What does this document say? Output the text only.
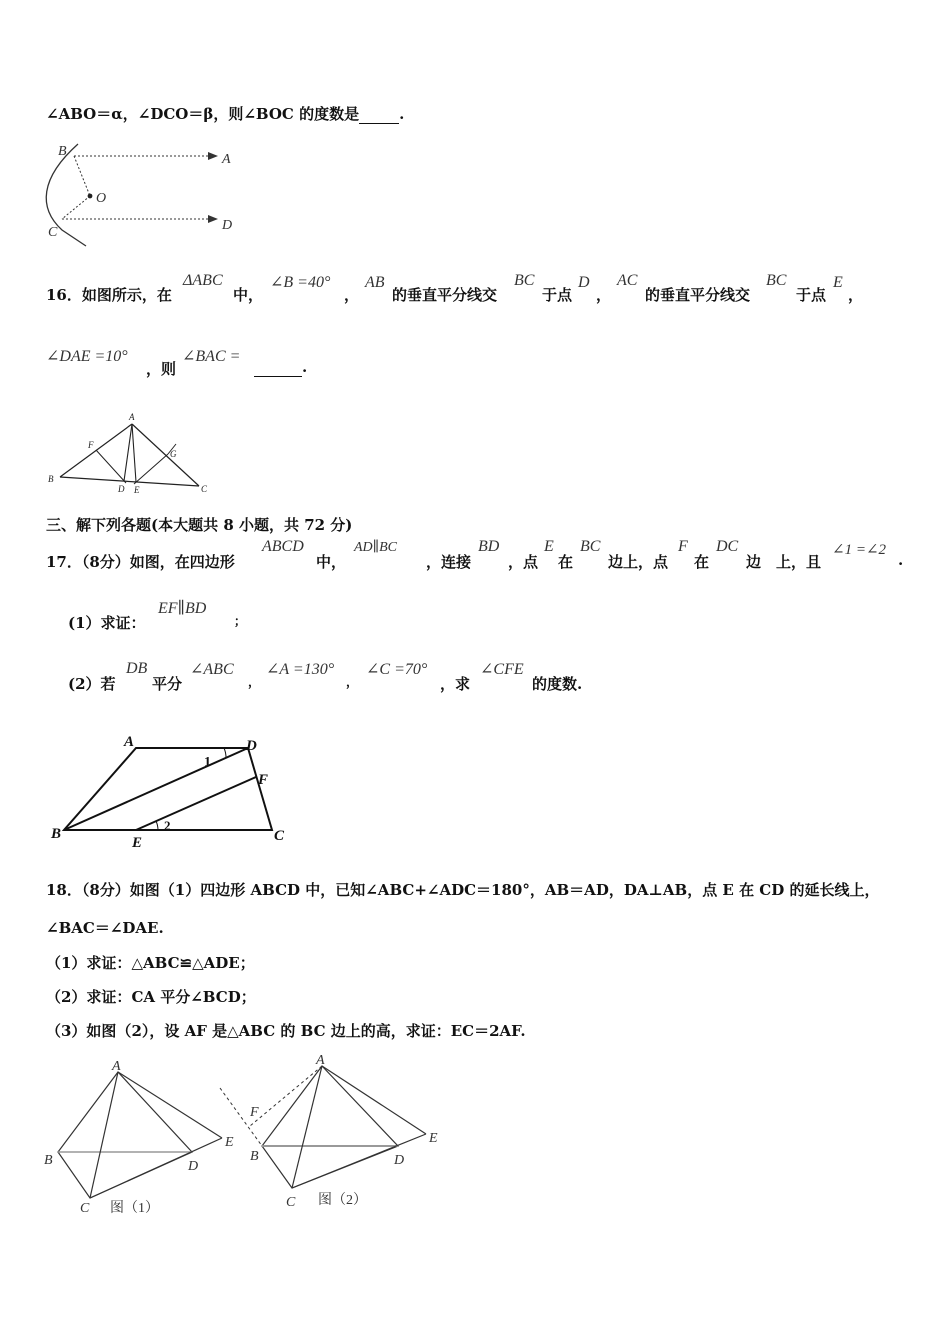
∠ABO＝α，∠DCO＝β，则∠BOC 的度数是	.
B
A
O
C	D
16．如图所示，在
ΔABC
中，
∠B =40°
，
AB
的垂直平分线交
BC
于点
D
，
AC
的垂直平分线交
BC
于点
E
，
∠DAE =10°
，则
∠BAC =
.
A
F
G
B
D E	C
三、解下列各题(本大题共 8 小题，共 72 分)
17．（8分）如图，在四边形
ABCD
中，
AD∥BC
，连接
BD
，点
E
在
BC
边上，点
F
在
DC
边　上，且
∠1 =∠2
.
(1）求证：
EF∥BD
；
(2）若
DB
平分
∠ABC
，
∠A =130°
，
∠C =70°
，求
∠CFE
的度数.
A	D
1
F
B
2
E	C
18．（8分）如图（1）四边形 ABCD 中，已知∠ABC+∠ADC＝180°，AB＝AD，DA⊥AB，点 E 在 CD 的延长线上，
∠BAC＝∠DAE.
（1）求证：△ABC≌△ADE；
（2）求证：CA 平分∠BCD；
（3）如图（2），设 AF 是△ABC 的 BC 边上的高，求证：EC＝2AF.
A
B	D
E
C 图（1）
A
F
B	D
E
C 图（2）
